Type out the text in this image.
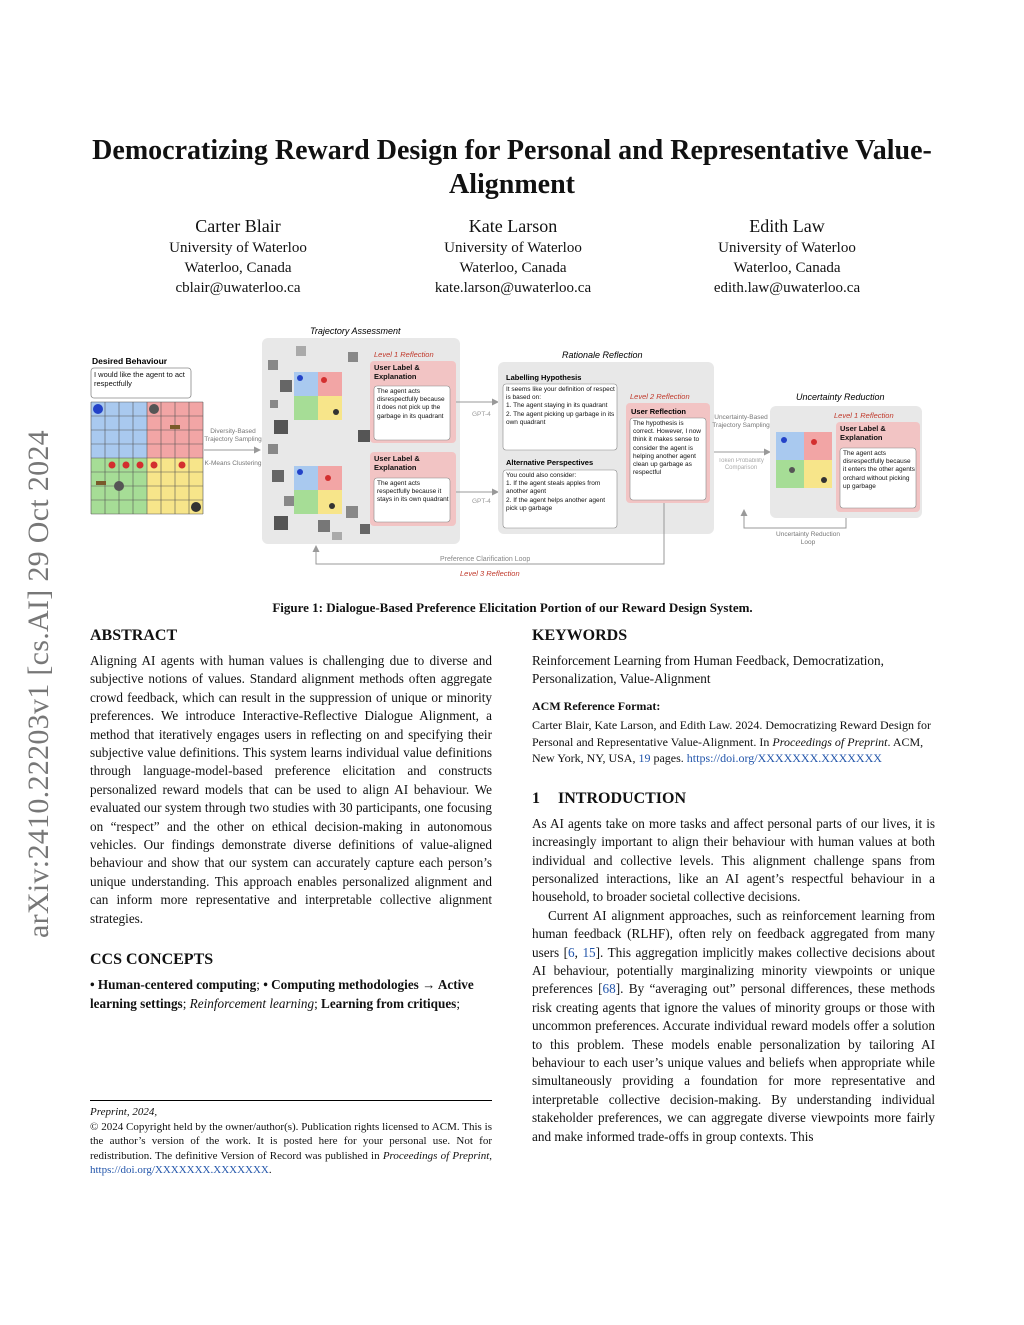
arXiv:2410.22203v1 [cs.AI] 29 Oct 2024
Democratizing Reward Design for Personal and Representative Value-Alignment
Carter Blair
University of Waterloo
Waterloo, Canada
cblair@uwaterloo.ca
Kate Larson
University of Waterloo
Waterloo, Canada
kate.larson@uwaterloo.ca
Edith Law
University of Waterloo
Waterloo, Canada
edith.law@uwaterloo.ca
Desired Behaviour
I would like the agent to act respectfully
Diversity-Based Trajectory Sampling
K-Means Clustering
Trajectory Assessment
Level 1 Reflection
User Label & Explanation
The agent acts disrespectfully because it does not pick up the garbage in its quadrant
User Label & Explanation
The agent acts respectfully because it stays in its own quadrant
GPT-4
GPT-4
Rationale Reflection
Labelling Hypothesis
It seems like your definition of respect is based on:
1. The agent staying in its quadrant
2. The agent picking up garbage in its own quadrant
Alternative Perspectives
You could also consider:
1. If the agent steals apples from another agent
2. If the agent helps another agent pick up garbage
Level 2 Reflection
User Reflection
The hypothesis is correct. However, I now think it makes sense to consider the agent is helping another agent clean up garbage as respectful
Uncertainty-Based Trajectory Sampling
Token Probability Comparison
Uncertainty Reduction
Level 1 Reflection
User Label & Explanation
The agent acts disrespectfully because it enters the other agents orchard without picking up garbage
Uncertainty Reduction Loop
Preference Clarification Loop
Level 3 Reflection
Figure 1: Dialogue-Based Preference Elicitation Portion of our Reward Design System.
ABSTRACT

Aligning AI agents with human values is challenging due to diverse and subjective notions of values. Standard alignment methods often aggregate crowd feedback, which can result in the suppression of unique or minority preferences. We introduce Interactive-Reflective Dialogue Alignment, a method that iteratively engages users in reflecting on and specifying their subjective value definitions. This system learns individual value definitions through language-model-based preference elicitation and constructs personalized reward models that can be used to align AI behaviour. We evaluated our system through two studies with 30 participants, one focusing on “respect” and the other on ethical decision-making in autonomous vehicles. Our findings demonstrate diverse definitions of value-aligned behaviour and show that our system can accurately capture each person’s unique understanding. This approach enables personalized alignment and can inform more representative and interpretable collective alignment strategies.

CCS CONCEPTS

• Human-centered computing; • Computing methodologies → Active learning settings; Reinforcement learning; Learning from critiques;

Preprint, 2024,

© 2024 Copyright held by the owner/author(s). Publication rights licensed to ACM. This is the author’s version of the work. It is posted here for your personal use. Not for redistribution. The definitive Version of Record was published in Proceedings of Preprint, https://doi.org/XXXXXXX.XXXXXXX.

KEYWORDS

Reinforcement Learning from Human Feedback, Democratization, Personalization, Value-Alignment

ACM Reference Format:

Carter Blair, Kate Larson, and Edith Law. 2024. Democratizing Reward Design for Personal and Representative Value-Alignment. In Proceedings of Preprint. ACM, New York, NY, USA, 19 pages. https://doi.org/XXXXXXX.XXXXXXX

1 INTRODUCTION

As AI agents take on more tasks and affect personal parts of our lives, it is increasingly important to align their behaviour with human values at both individual and collective levels. This alignment challenge spans from personalized interactions, like an AI agent’s respectful behaviour in a household, to broader societal collective decisions.

Current AI alignment approaches, such as reinforcement learning from human feedback (RLHF), often rely on feedback aggregated from many users [6, 15]. This aggregation implicitly makes collective decisions about AI behaviour, potentially marginalizing minority viewpoints or unique preferences [68]. By “averaging out” personal differences, these methods risk creating agents that ignore the values of minority groups or those with uncommon preferences. Accurate individual reward models offer a solution to this problem. These models enable personalization by tailoring AI behaviour to each user’s unique values and beliefs when appropriate while simultaneously providing a foundation for more representative and interpretable collective decision-making. By understanding individual stakeholder preferences, we can aggregate diverse viewpoints more fairly and make informed trade-offs in group contexts. This
